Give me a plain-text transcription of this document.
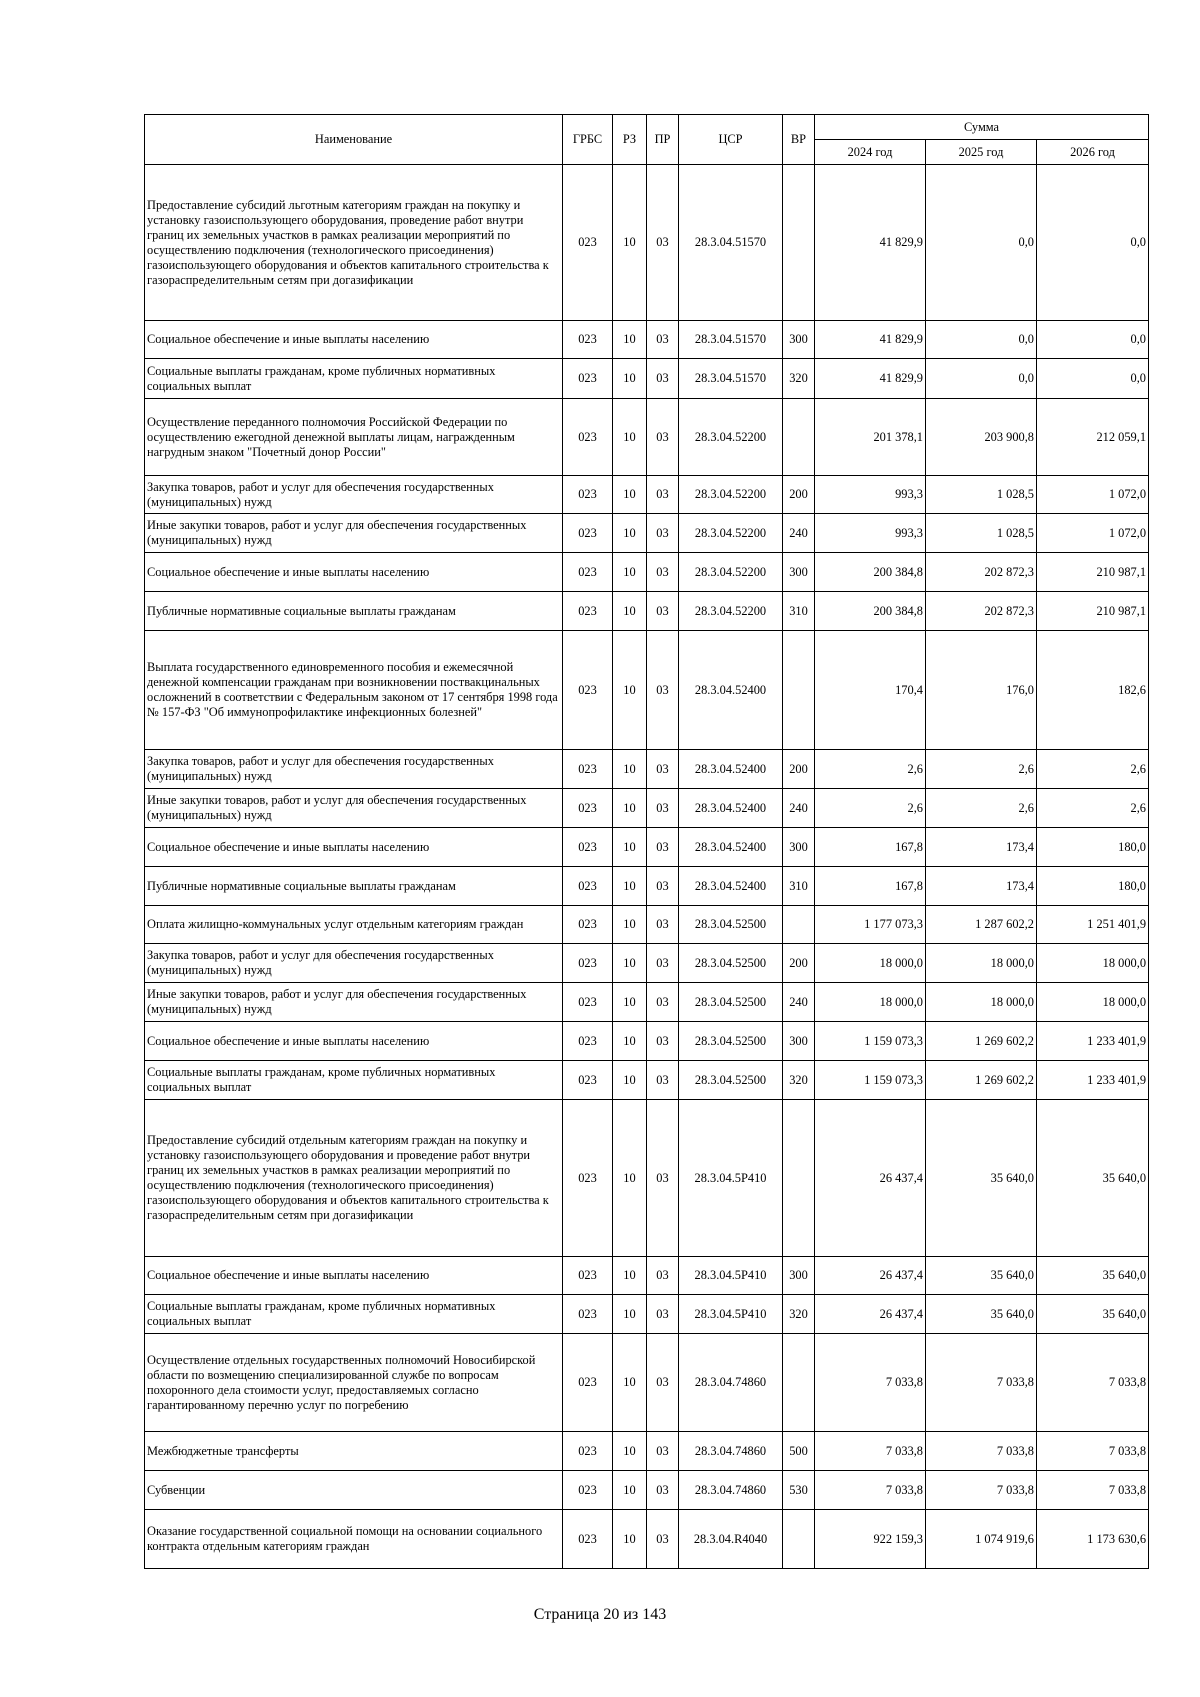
Наименование	ГРБС	РЗ	ПР	ЦСР	ВР	Сумма		
						2024 год	2025 год	2026 год
Предоставление субсидий льготным категориям граждан на покупку и установку газоиспользующего оборудования, проведение работ внутри границ их земельных участков в рамках реализации мероприятий по осуществлению подключения (технологического присоединения) газоиспользующего оборудования и объектов капитального строительства к газораспределительным сетям при догазификации	023	10	03	28.3.04.51570		41 829,9	0,0	0,0
Социальное обеспечение и иные выплаты населению	023	10	03	28.3.04.51570	300	41 829,9	0,0	0,0
Социальные выплаты гражданам, кроме публичных нормативных социальных выплат	023	10	03	28.3.04.51570	320	41 829,9	0,0	0,0
Осуществление переданного полномочия Российской Федерации по осуществлению ежегодной денежной выплаты лицам, награжденным нагрудным знаком "Почетный донор России"	023	10	03	28.3.04.52200		201 378,1	203 900,8	212 059,1
Закупка товаров, работ и услуг для обеспечения государственных (муниципальных) нужд	023	10	03	28.3.04.52200	200	993,3	1 028,5	1 072,0
Иные закупки товаров, работ и услуг для обеспечения государственных (муниципальных) нужд	023	10	03	28.3.04.52200	240	993,3	1 028,5	1 072,0
Социальное обеспечение и иные выплаты населению	023	10	03	28.3.04.52200	300	200 384,8	202 872,3	210 987,1
Публичные нормативные социальные выплаты гражданам	023	10	03	28.3.04.52200	310	200 384,8	202 872,3	210 987,1
Выплата государственного единовременного пособия и ежемесячной денежной компенсации гражданам при возникновении поствакцинальных осложнений в соответствии с Федеральным законом от 17 сентября 1998 года № 157-ФЗ "Об иммунопрофилактике инфекционных болезней"	023	10	03	28.3.04.52400		170,4	176,0	182,6
Закупка товаров, работ и услуг для обеспечения государственных (муниципальных) нужд	023	10	03	28.3.04.52400	200	2,6	2,6	2,6
Иные закупки товаров, работ и услуг для обеспечения государственных (муниципальных) нужд	023	10	03	28.3.04.52400	240	2,6	2,6	2,6
Социальное обеспечение и иные выплаты населению	023	10	03	28.3.04.52400	300	167,8	173,4	180,0
Публичные нормативные социальные выплаты гражданам	023	10	03	28.3.04.52400	310	167,8	173,4	180,0
Оплата жилищно-коммунальных услуг отдельным категориям граждан	023	10	03	28.3.04.52500		1 177 073,3	1 287 602,2	1 251 401,9
Закупка товаров, работ и услуг для обеспечения государственных (муниципальных) нужд	023	10	03	28.3.04.52500	200	18 000,0	18 000,0	18 000,0
Иные закупки товаров, работ и услуг для обеспечения государственных (муниципальных) нужд	023	10	03	28.3.04.52500	240	18 000,0	18 000,0	18 000,0
Социальное обеспечение и иные выплаты населению	023	10	03	28.3.04.52500	300	1 159 073,3	1 269 602,2	1 233 401,9
Социальные выплаты гражданам, кроме публичных нормативных социальных выплат	023	10	03	28.3.04.52500	320	1 159 073,3	1 269 602,2	1 233 401,9
Предоставление субсидий отдельным категориям граждан на покупку и установку газоиспользующего оборудования и проведение работ внутри границ их земельных участков в рамках реализации мероприятий по осуществлению подключения (технологического присоединения) газоиспользующего оборудования и объектов капитального строительства к газораспределительным сетям при догазификации	023	10	03	28.3.04.5Р410		26 437,4	35 640,0	35 640,0
Социальное обеспечение и иные выплаты населению	023	10	03	28.3.04.5Р410	300	26 437,4	35 640,0	35 640,0
Социальные выплаты гражданам, кроме публичных нормативных социальных выплат	023	10	03	28.3.04.5Р410	320	26 437,4	35 640,0	35 640,0
Осуществление отдельных государственных полномочий Новосибирской области по возмещению специализированной службе по вопросам похоронного дела стоимости услуг, предоставляемых согласно гарантированному перечню услуг по погребению	023	10	03	28.3.04.74860		7 033,8	7 033,8	7 033,8
Межбюджетные трансферты	023	10	03	28.3.04.74860	500	7 033,8	7 033,8	7 033,8
Субвенции	023	10	03	28.3.04.74860	530	7 033,8	7 033,8	7 033,8
Оказание государственной социальной помощи на основании социального контракта отдельным категориям граждан	023	10	03	28.3.04.R4040		922 159,3	1 074 919,6	1 173 630,6
Страница 20 из 143
